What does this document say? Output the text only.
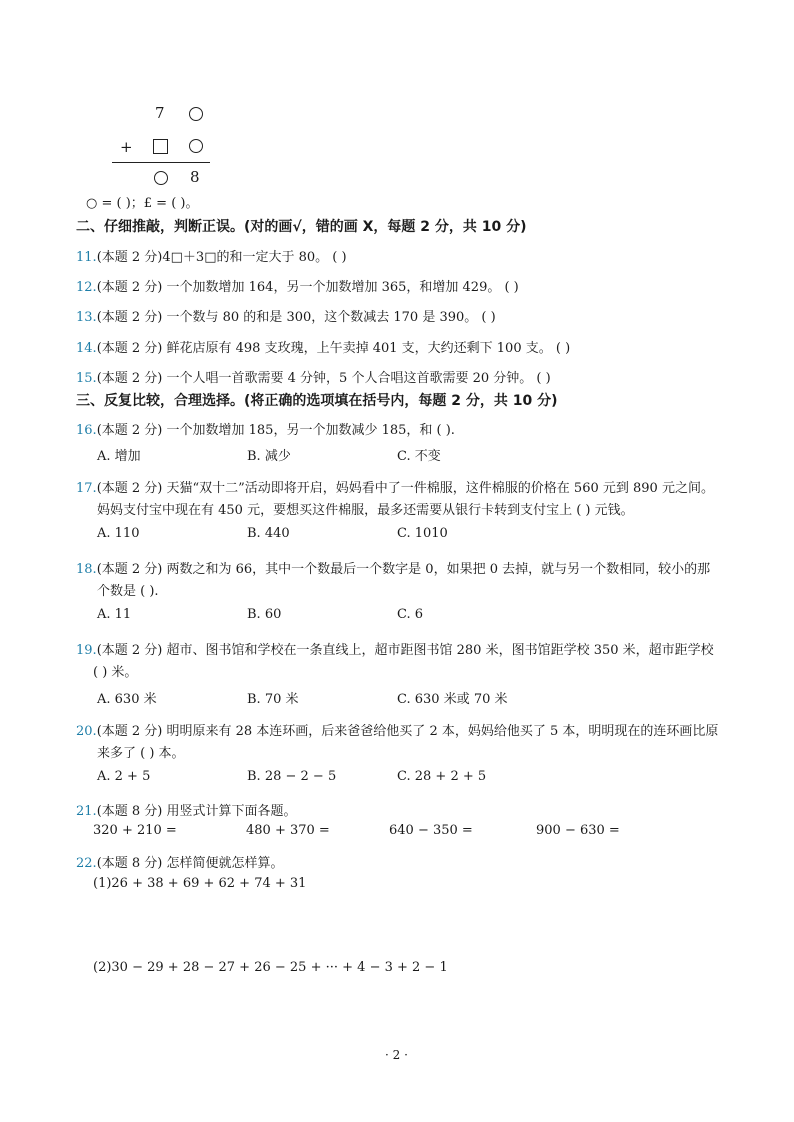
7
+
8
○ = ( )；£ = ( )。
二、仔细推敲，判断正误。(对的画√，错的画 X，每题 2 分，共 10 分)
11.(本题 2 分)4□＋3□的和一定大于 80。 ( )
12.(本题 2 分) 一个加数增加 164，另一个加数增加 365，和增加 429。 ( )
13.(本题 2 分) 一个数与 80 的和是 300，这个数减去 170 是 390。 ( )
14.(本题 2 分) 鲜花店原有 498 支玫瑰，上午卖掉 401 支，大约还剩下 100 支。 ( )
15.(本题 2 分) 一个人唱一首歌需要 4 分钟，5 个人合唱这首歌需要 20 分钟。 ( )
三、反复比较，合理选择。(将正确的选项填在括号内，每题 2 分，共 10 分)
16.(本题 2 分) 一个加数增加 185，另一个加数减少 185，和 ( ).
A. 增加	B. 减少	C. 不变
17.(本题 2 分) 天猫“双十二”活动即将开启，妈妈看中了一件棉服，这件棉服的价格在 560 元到 890 元之间。
妈妈支付宝中现在有 450 元，要想买这件棉服，最多还需要从银行卡转到支付宝上 ( ) 元钱。
A. 110	B. 440	C. 1010
18.(本题 2 分) 两数之和为 66，其中一个数最后一个数字是 0，如果把 0 去掉，就与另一个数相同，较小的那
个数是 ( ).
A. 11	B. 60	C. 6
19.(本题 2 分) 超市、图书馆和学校在一条直线上，超市距图书馆 280 米，图书馆距学校 350 米，超市距学校
( ) 米。
A. 630 米	B. 70 米	C. 630 米或 70 米
20.(本题 2 分) 明明原来有 28 本连环画，后来爸爸给他买了 2 本，妈妈给他买了 5 本，明明现在的连环画比原
来多了 ( ) 本。
A. 2 + 5	B. 28 − 2 − 5	C. 28 + 2 + 5
21.(本题 8 分) 用竖式计算下面各题。
320 + 210 =	480 + 370 =	640 − 350 =	900 − 630 =
22.(本题 8 分) 怎样简便就怎样算。
(1)26 + 38 + 69 + 62 + 74 + 31
(2)30 − 29 + 28 − 27 + 26 − 25 + ··· + 4 − 3 + 2 − 1
· 2 ·
